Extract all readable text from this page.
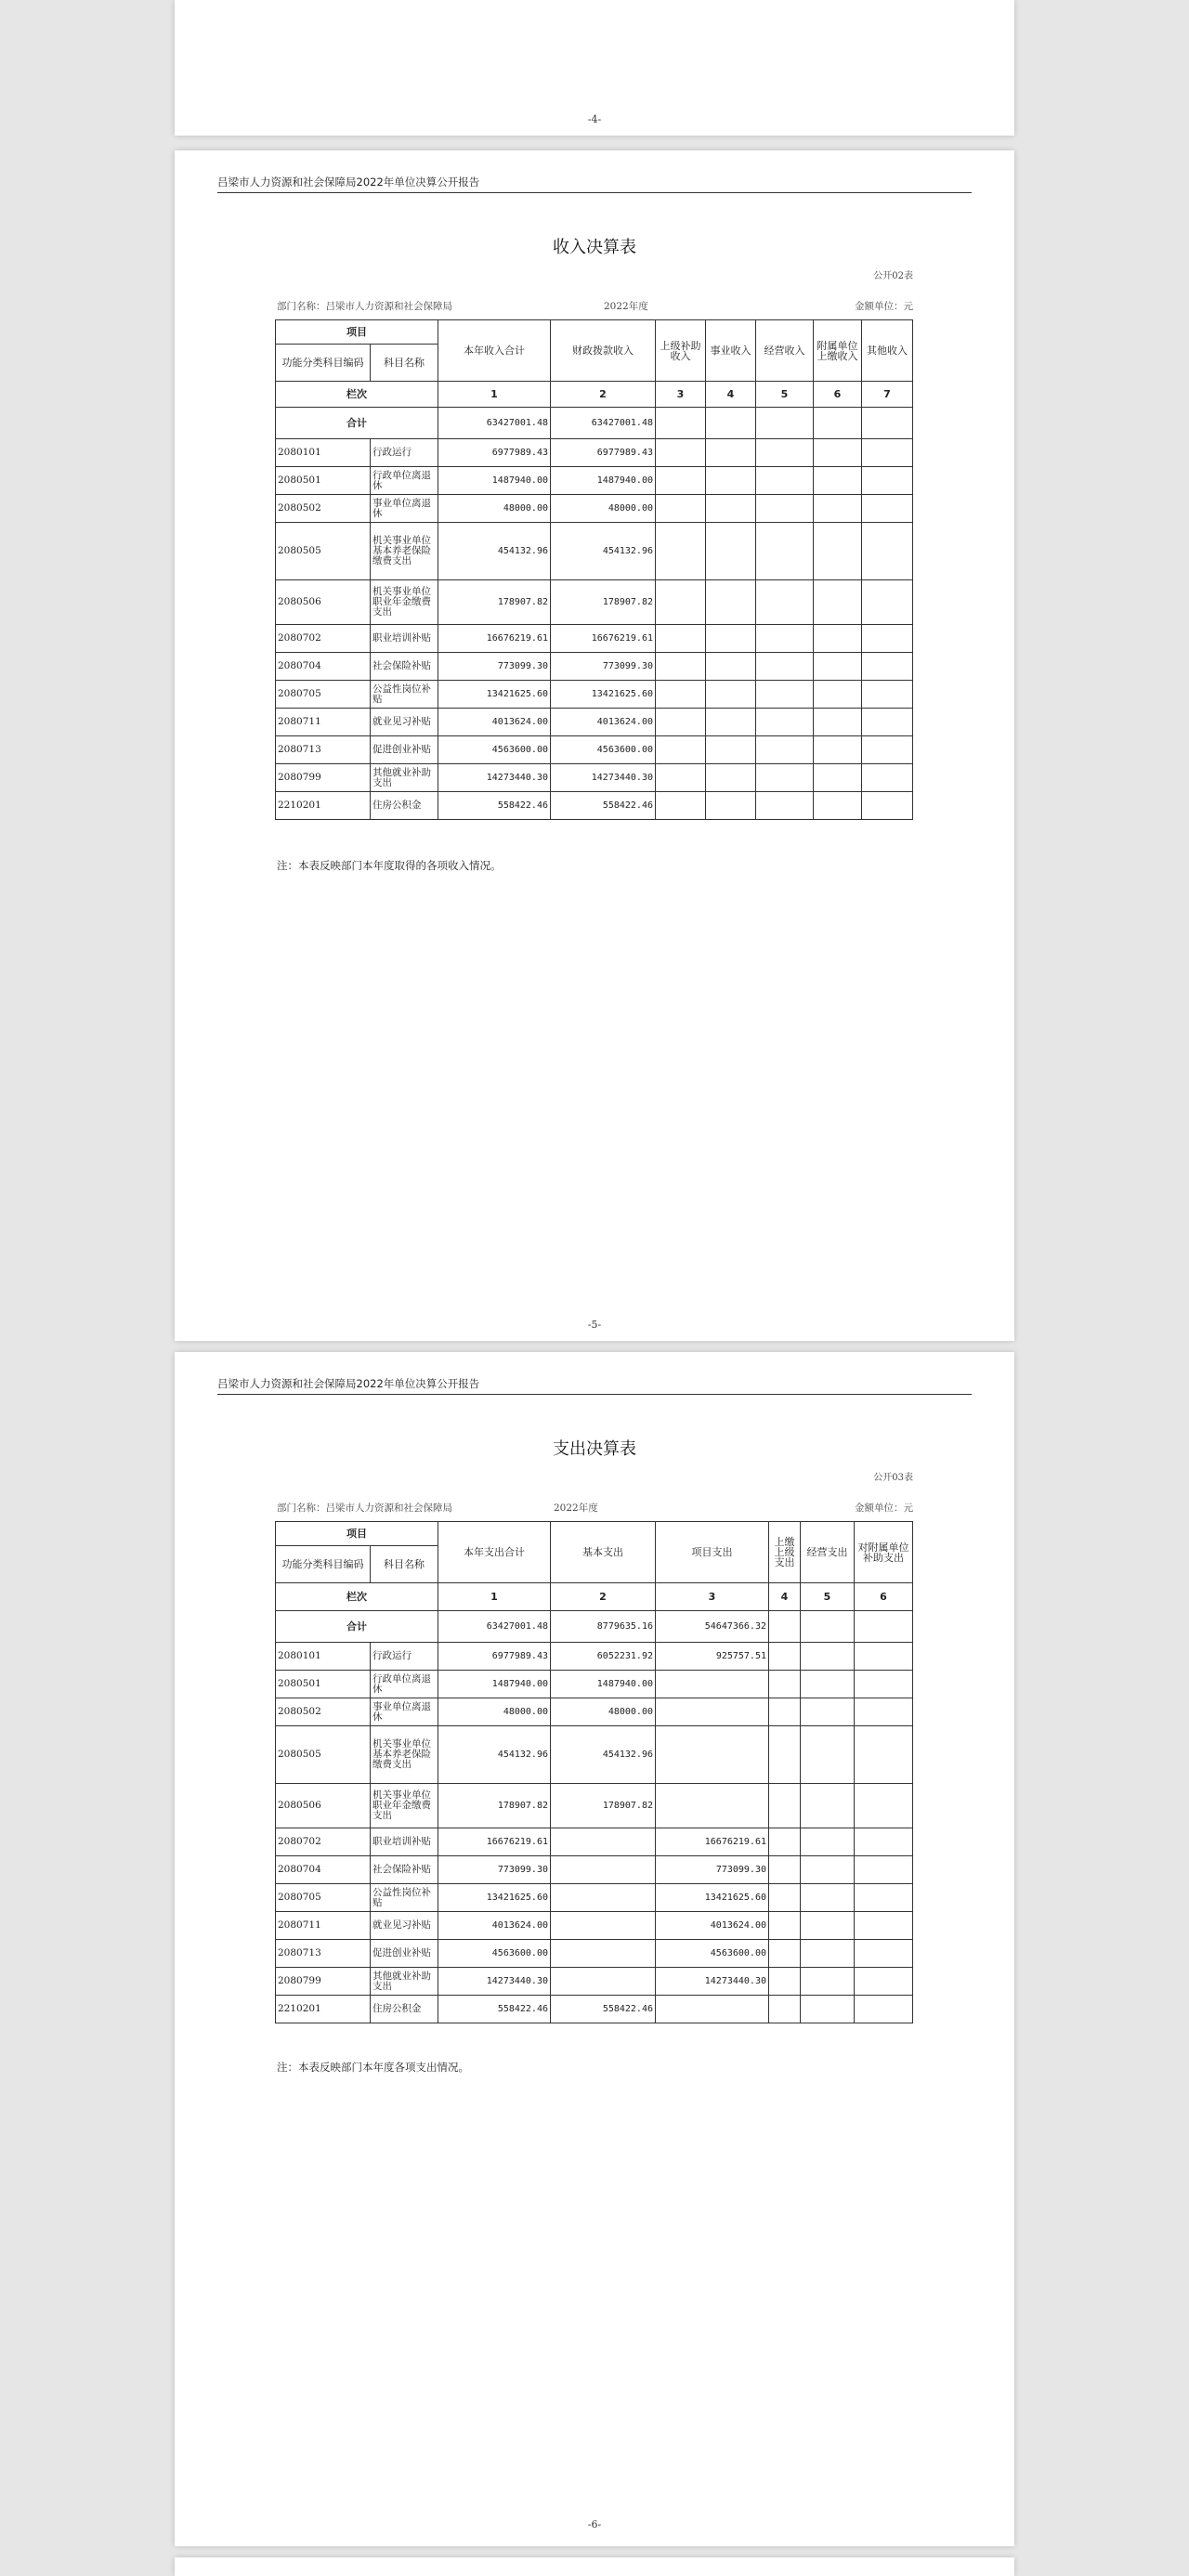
-4-
吕梁市人力资源和社会保障局2022年单位决算公开报告
收入决算表
公开02表
部门名称：吕梁市人力资源和社会保障局	2022年度	金额单位：元
项目		本年收入合计	财政拨款收入	上级补助收入	事业收入	经营收入	附属单位上缴收入	其他收入
功能分类科目编码	科目名称							
栏次		1	2	3	4	5	6	7
合计		63427001.48	63427001.48					
2080101	行政运行	6977989.43	6977989.43					
2080501	行政单位离退休	1487940.00	1487940.00					
2080502	事业单位离退休	48000.00	48000.00					
2080505	机关事业单位基本养老保险缴费支出	454132.96	454132.96					
2080506	机关事业单位职业年金缴费支出	178907.82	178907.82					
2080702	职业培训补贴	16676219.61	16676219.61					
2080704	社会保险补贴	773099.30	773099.30					
2080705	公益性岗位补贴	13421625.60	13421625.60					
2080711	就业见习补贴	4013624.00	4013624.00					
2080713	促进创业补贴	4563600.00	4563600.00					
2080799	其他就业补助支出	14273440.30	14273440.30					
2210201	住房公积金	558422.46	558422.46					
注：本表反映部门本年度取得的各项收入情况。
-5-
吕梁市人力资源和社会保障局2022年单位决算公开报告
支出决算表
公开03表
部门名称：吕梁市人力资源和社会保障局	2022年度	金额单位：元
项目		本年支出合计	基本支出	项目支出	上缴上级支出	经营支出	对附属单位补助支出
功能分类科目编码	科目名称						
栏次		1	2	3	4	5	6
合计		63427001.48	8779635.16	54647366.32			
2080101	行政运行	6977989.43	6052231.92	925757.51			
2080501	行政单位离退休	1487940.00	1487940.00				
2080502	事业单位离退休	48000.00	48000.00				
2080505	机关事业单位基本养老保险缴费支出	454132.96	454132.96				
2080506	机关事业单位职业年金缴费支出	178907.82	178907.82				
2080702	职业培训补贴	16676219.61		16676219.61			
2080704	社会保险补贴	773099.30		773099.30			
2080705	公益性岗位补贴	13421625.60		13421625.60			
2080711	就业见习补贴	4013624.00		4013624.00			
2080713	促进创业补贴	4563600.00		4563600.00			
2080799	其他就业补助支出	14273440.30		14273440.30			
2210201	住房公积金	558422.46	558422.46				
注：本表反映部门本年度各项支出情况。
-6-
